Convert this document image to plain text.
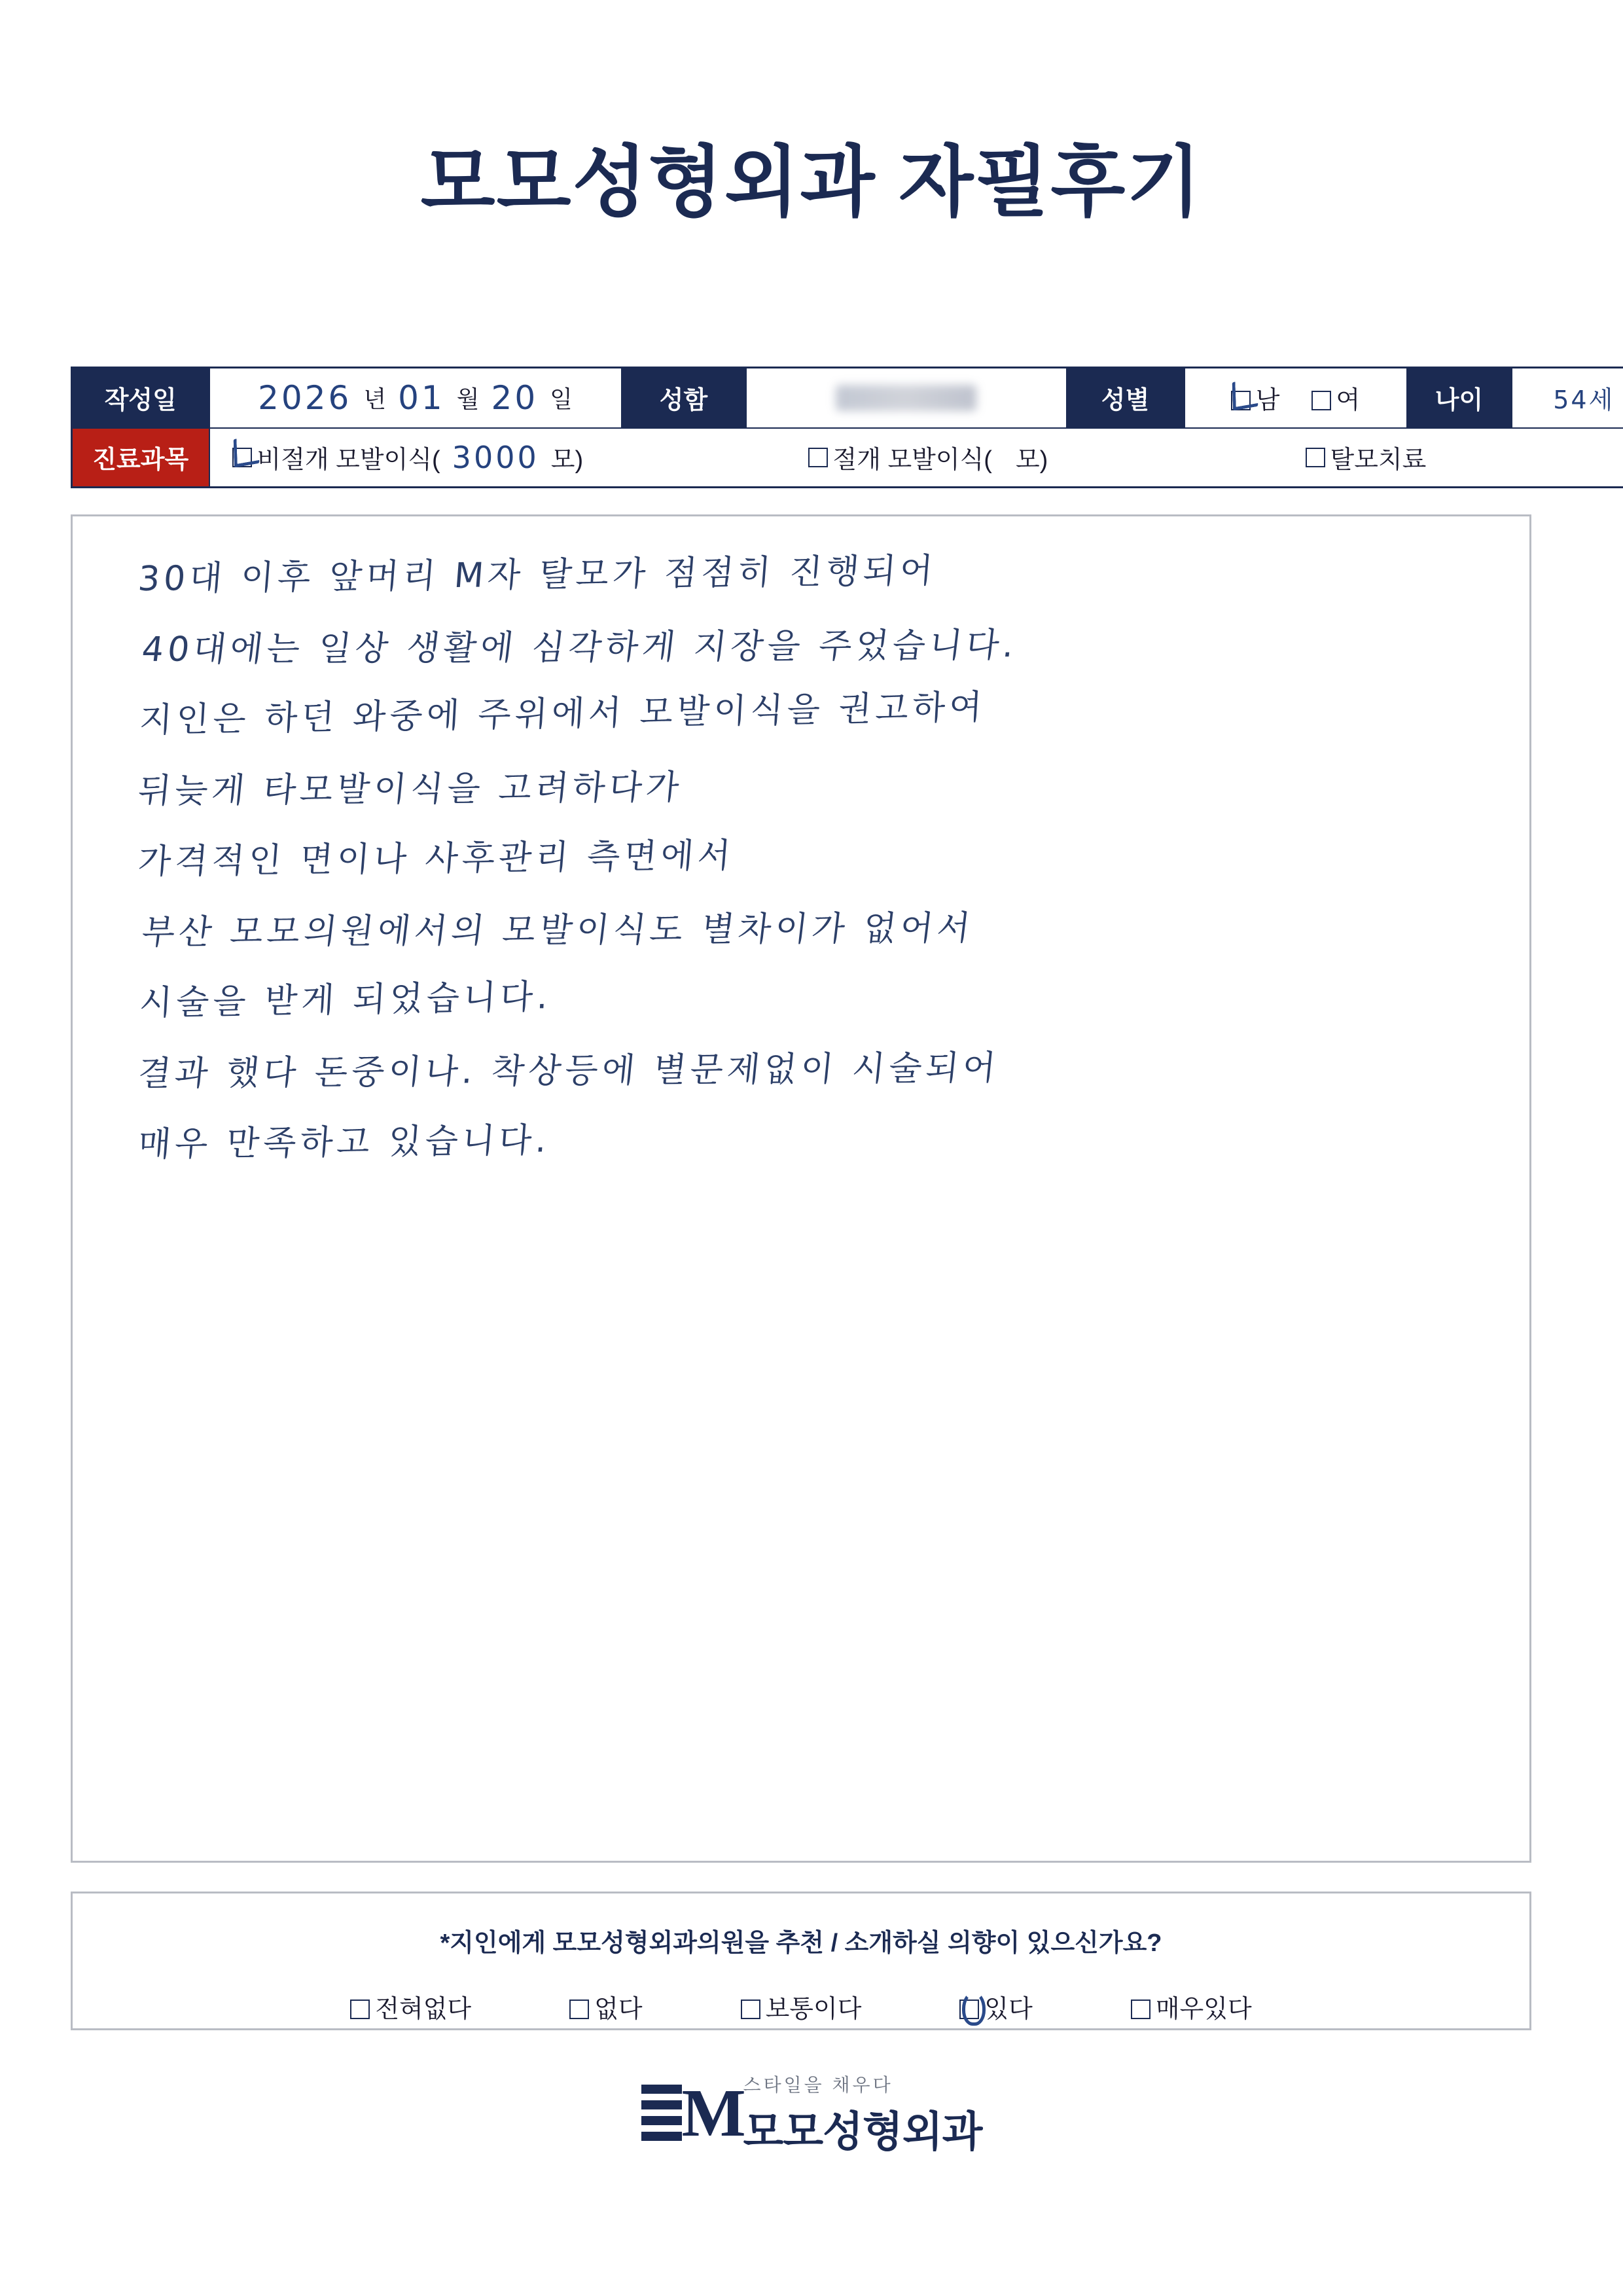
모모성형외과 자필후기
작성일	2026 년 01 월 20 일	성함		성별	남	여	나이	54세
진료과목	비절개 모발이식( 3000 모)	절개 모발이식( 모)	탈모치료
30대 이후 앞머리 M자 탈모가 점점히 진행되어
40대에는 일상 생활에 심각하게 지장을 주었습니다.
지인은 하던 와중에 주위에서 모발이식을 권고하여
뒤늦게 타모발이식을 고려하다가
가격적인 면이나 사후관리 측면에서
부산 모모의원에서의 모발이식도 별차이가 없어서
시술을 받게 되었습니다.
결과 했다 돈중이나. 착상등에 별문제없이 시술되어
매우 만족하고 있습니다.
*지인에게 모모성형외과의원을 추천 / 소개하실 의향이 있으신가요?
전혀없다	없다	보통이다	있다	매우있다
M
스타일을 채우다
모모성형외과
